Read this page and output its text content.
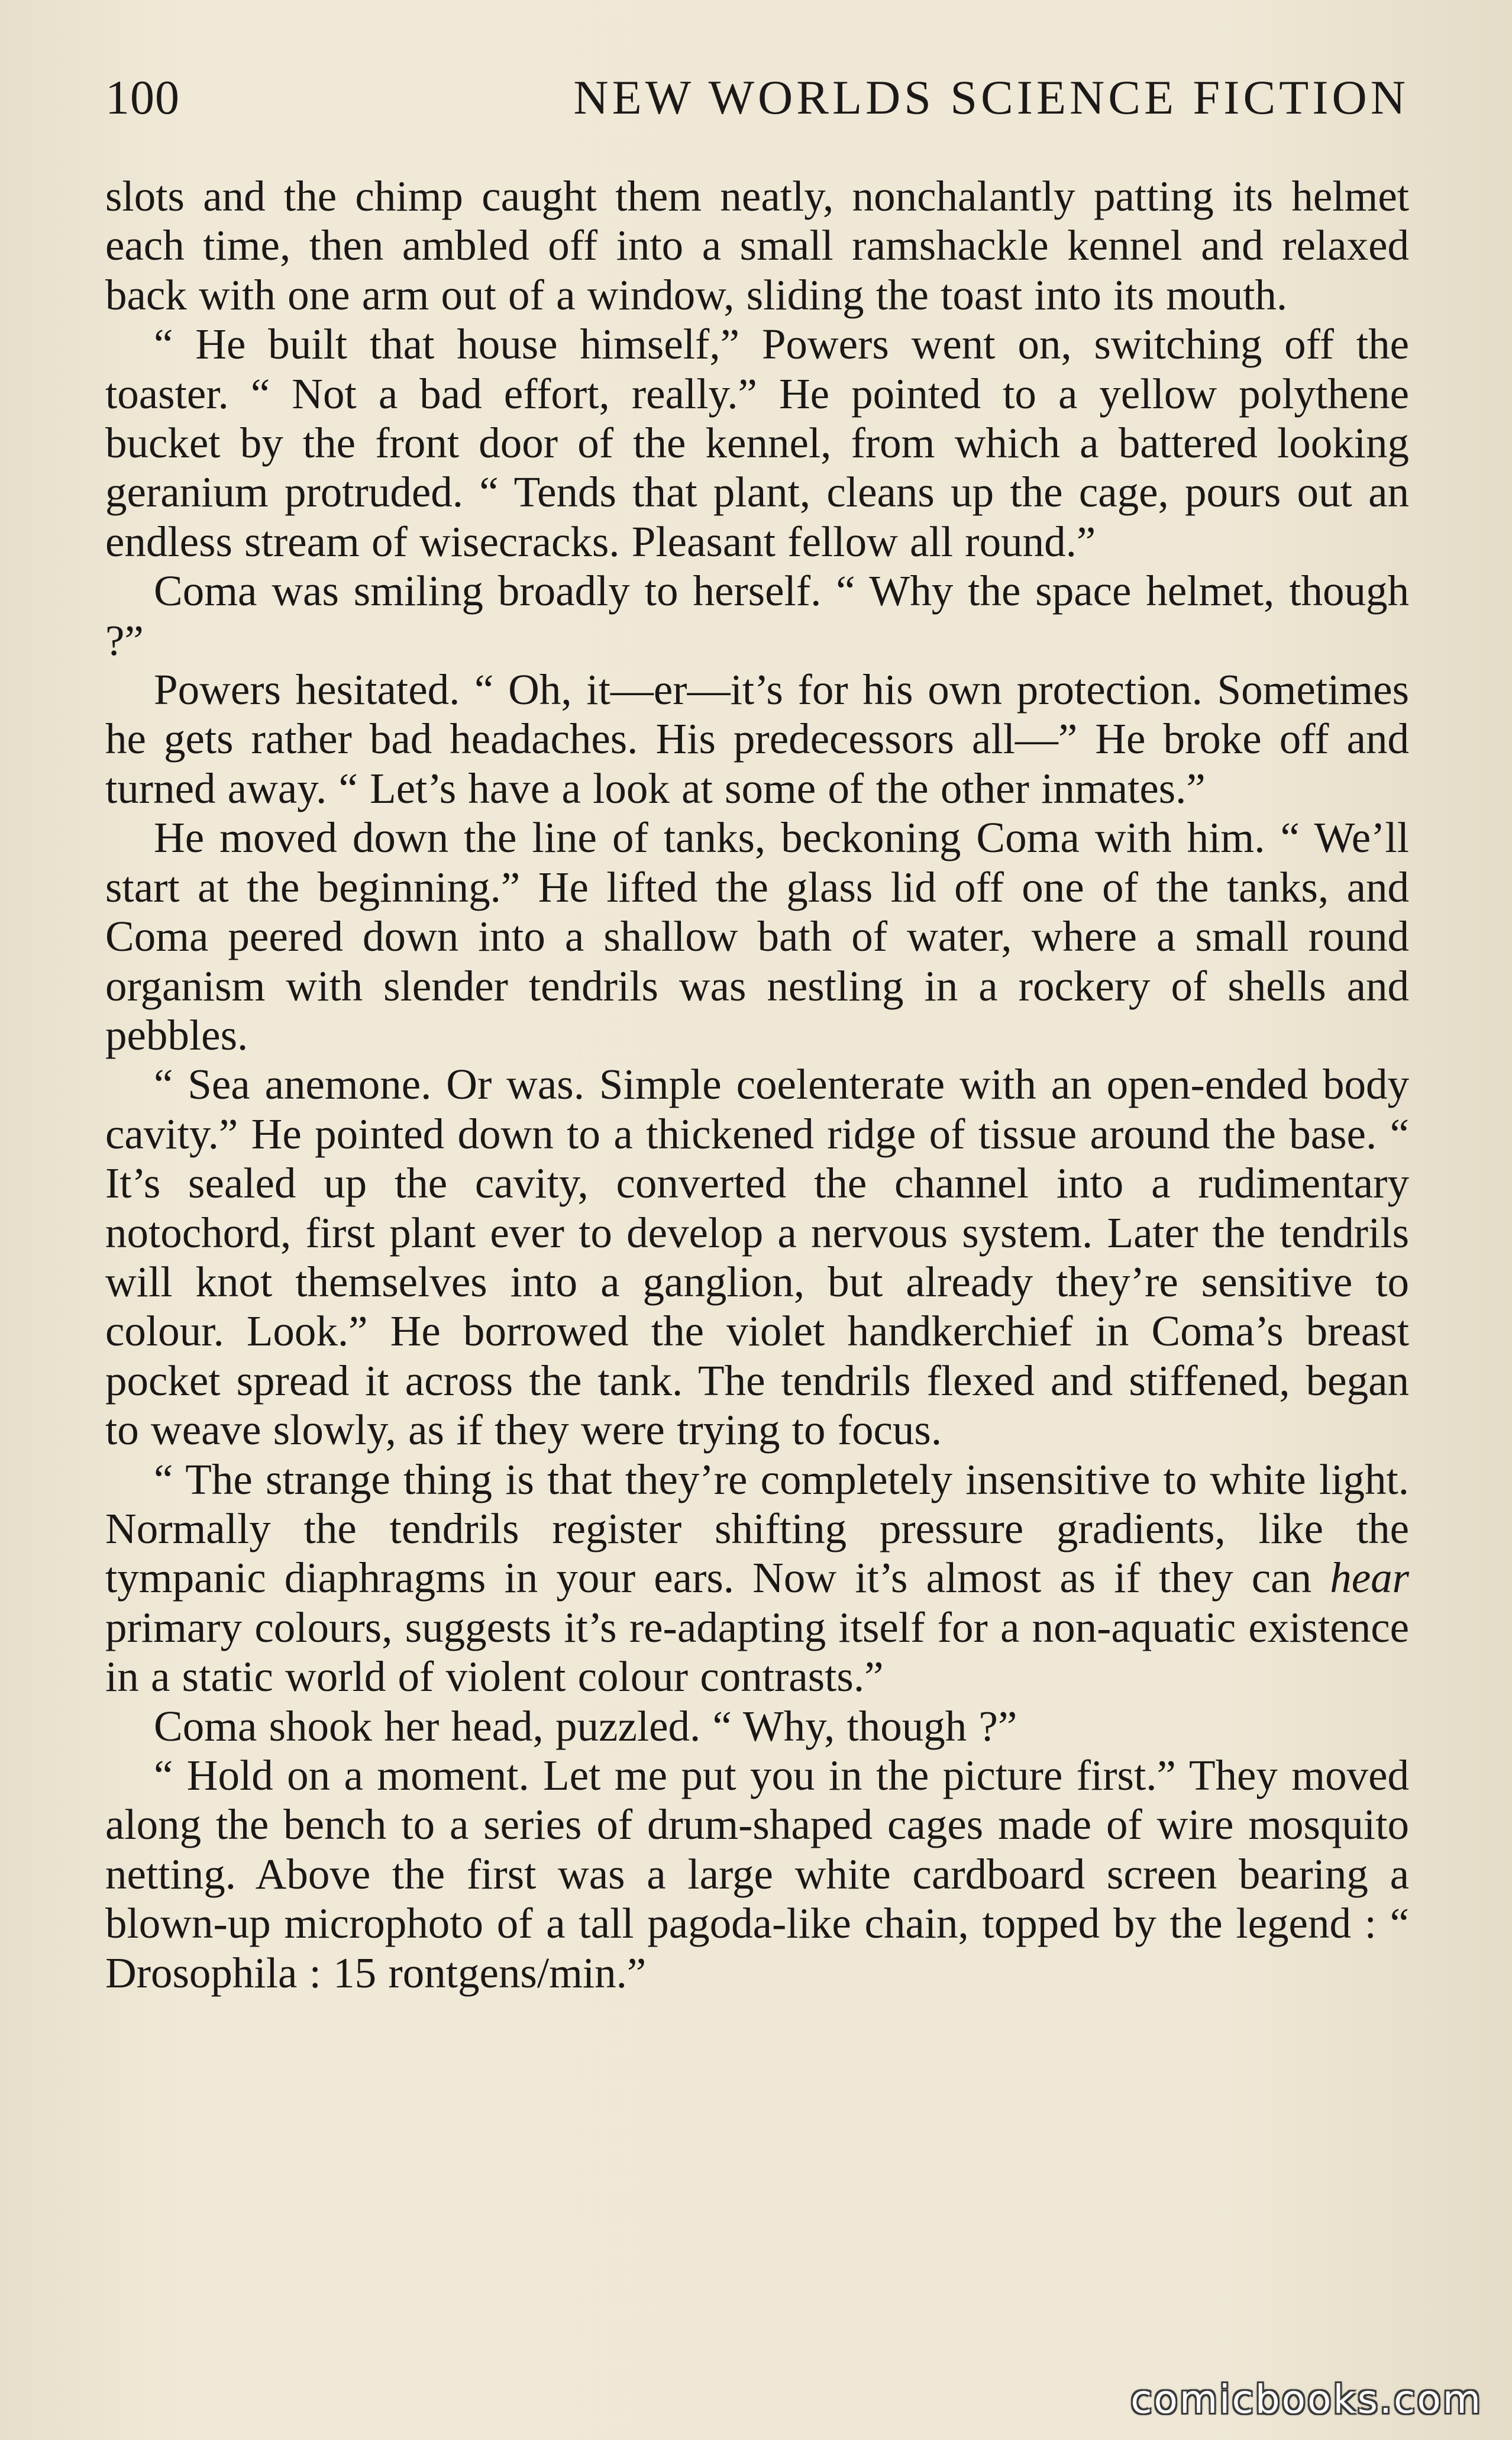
100	NEW WORLDS SCIENCE FICTION

slots and the chimp caught them neatly, nonchalantly patting its helmet each time, then ambled off into a small ramshackle kennel and relaxed back with one arm out of a window, sliding the toast into its mouth.

“ He built that house himself,” Powers went on, switching off the toaster. “ Not a bad effort, really.” He pointed to a yellow polythene bucket by the front door of the kennel, from which a battered looking geranium protruded. “ Tends that plant, cleans up the cage, pours out an endless stream of wisecracks. Pleasant fellow all round.”

Coma was smiling broadly to herself. “ Why the space helmet, though ?”

Powers hesitated. “ Oh, it—er—it’s for his own protection. Sometimes he gets rather bad headaches. His predecessors all—” He broke off and turned away. “ Let’s have a look at some of the other inmates.”

He moved down the line of tanks, beckoning Coma with him. “ We’ll start at the beginning.” He lifted the glass lid off one of the tanks, and Coma peered down into a shallow bath of water, where a small round organism with slender tendrils was nestling in a rockery of shells and pebbles.

“ Sea anemone. Or was. Simple coelenterate with an open-ended body cavity.” He pointed down to a thickened ridge of tissue around the base. “ It’s sealed up the cavity, converted the channel into a rudimentary notochord, first plant ever to develop a nervous system. Later the tendrils will knot themselves into a ganglion, but already they’re sensitive to colour. Look.” He borrowed the violet handkerchief in Coma’s breast pocket spread it across the tank. The tendrils flexed and stiffened, began to weave slowly, as if they were trying to focus.

“ The strange thing is that they’re completely insensitive to white light. Normally the tendrils register shifting pressure gradients, like the tympanic diaphragms in your ears. Now it’s almost as if they can hear primary colours, suggests it’s re-adapting itself for a non-aquatic existence in a static world of violent colour contrasts.”

Coma shook her head, puzzled. “ Why, though ?”

“ Hold on a moment. Let me put you in the picture first.” They moved along the bench to a series of drum-shaped cages made of wire mosquito netting. Above the first was a large white cardboard screen bearing a blown-up microphoto of a tall pagoda-like chain, topped by the legend : “ Drosophila : 15 rontgens/min.”

comicbooks.com
